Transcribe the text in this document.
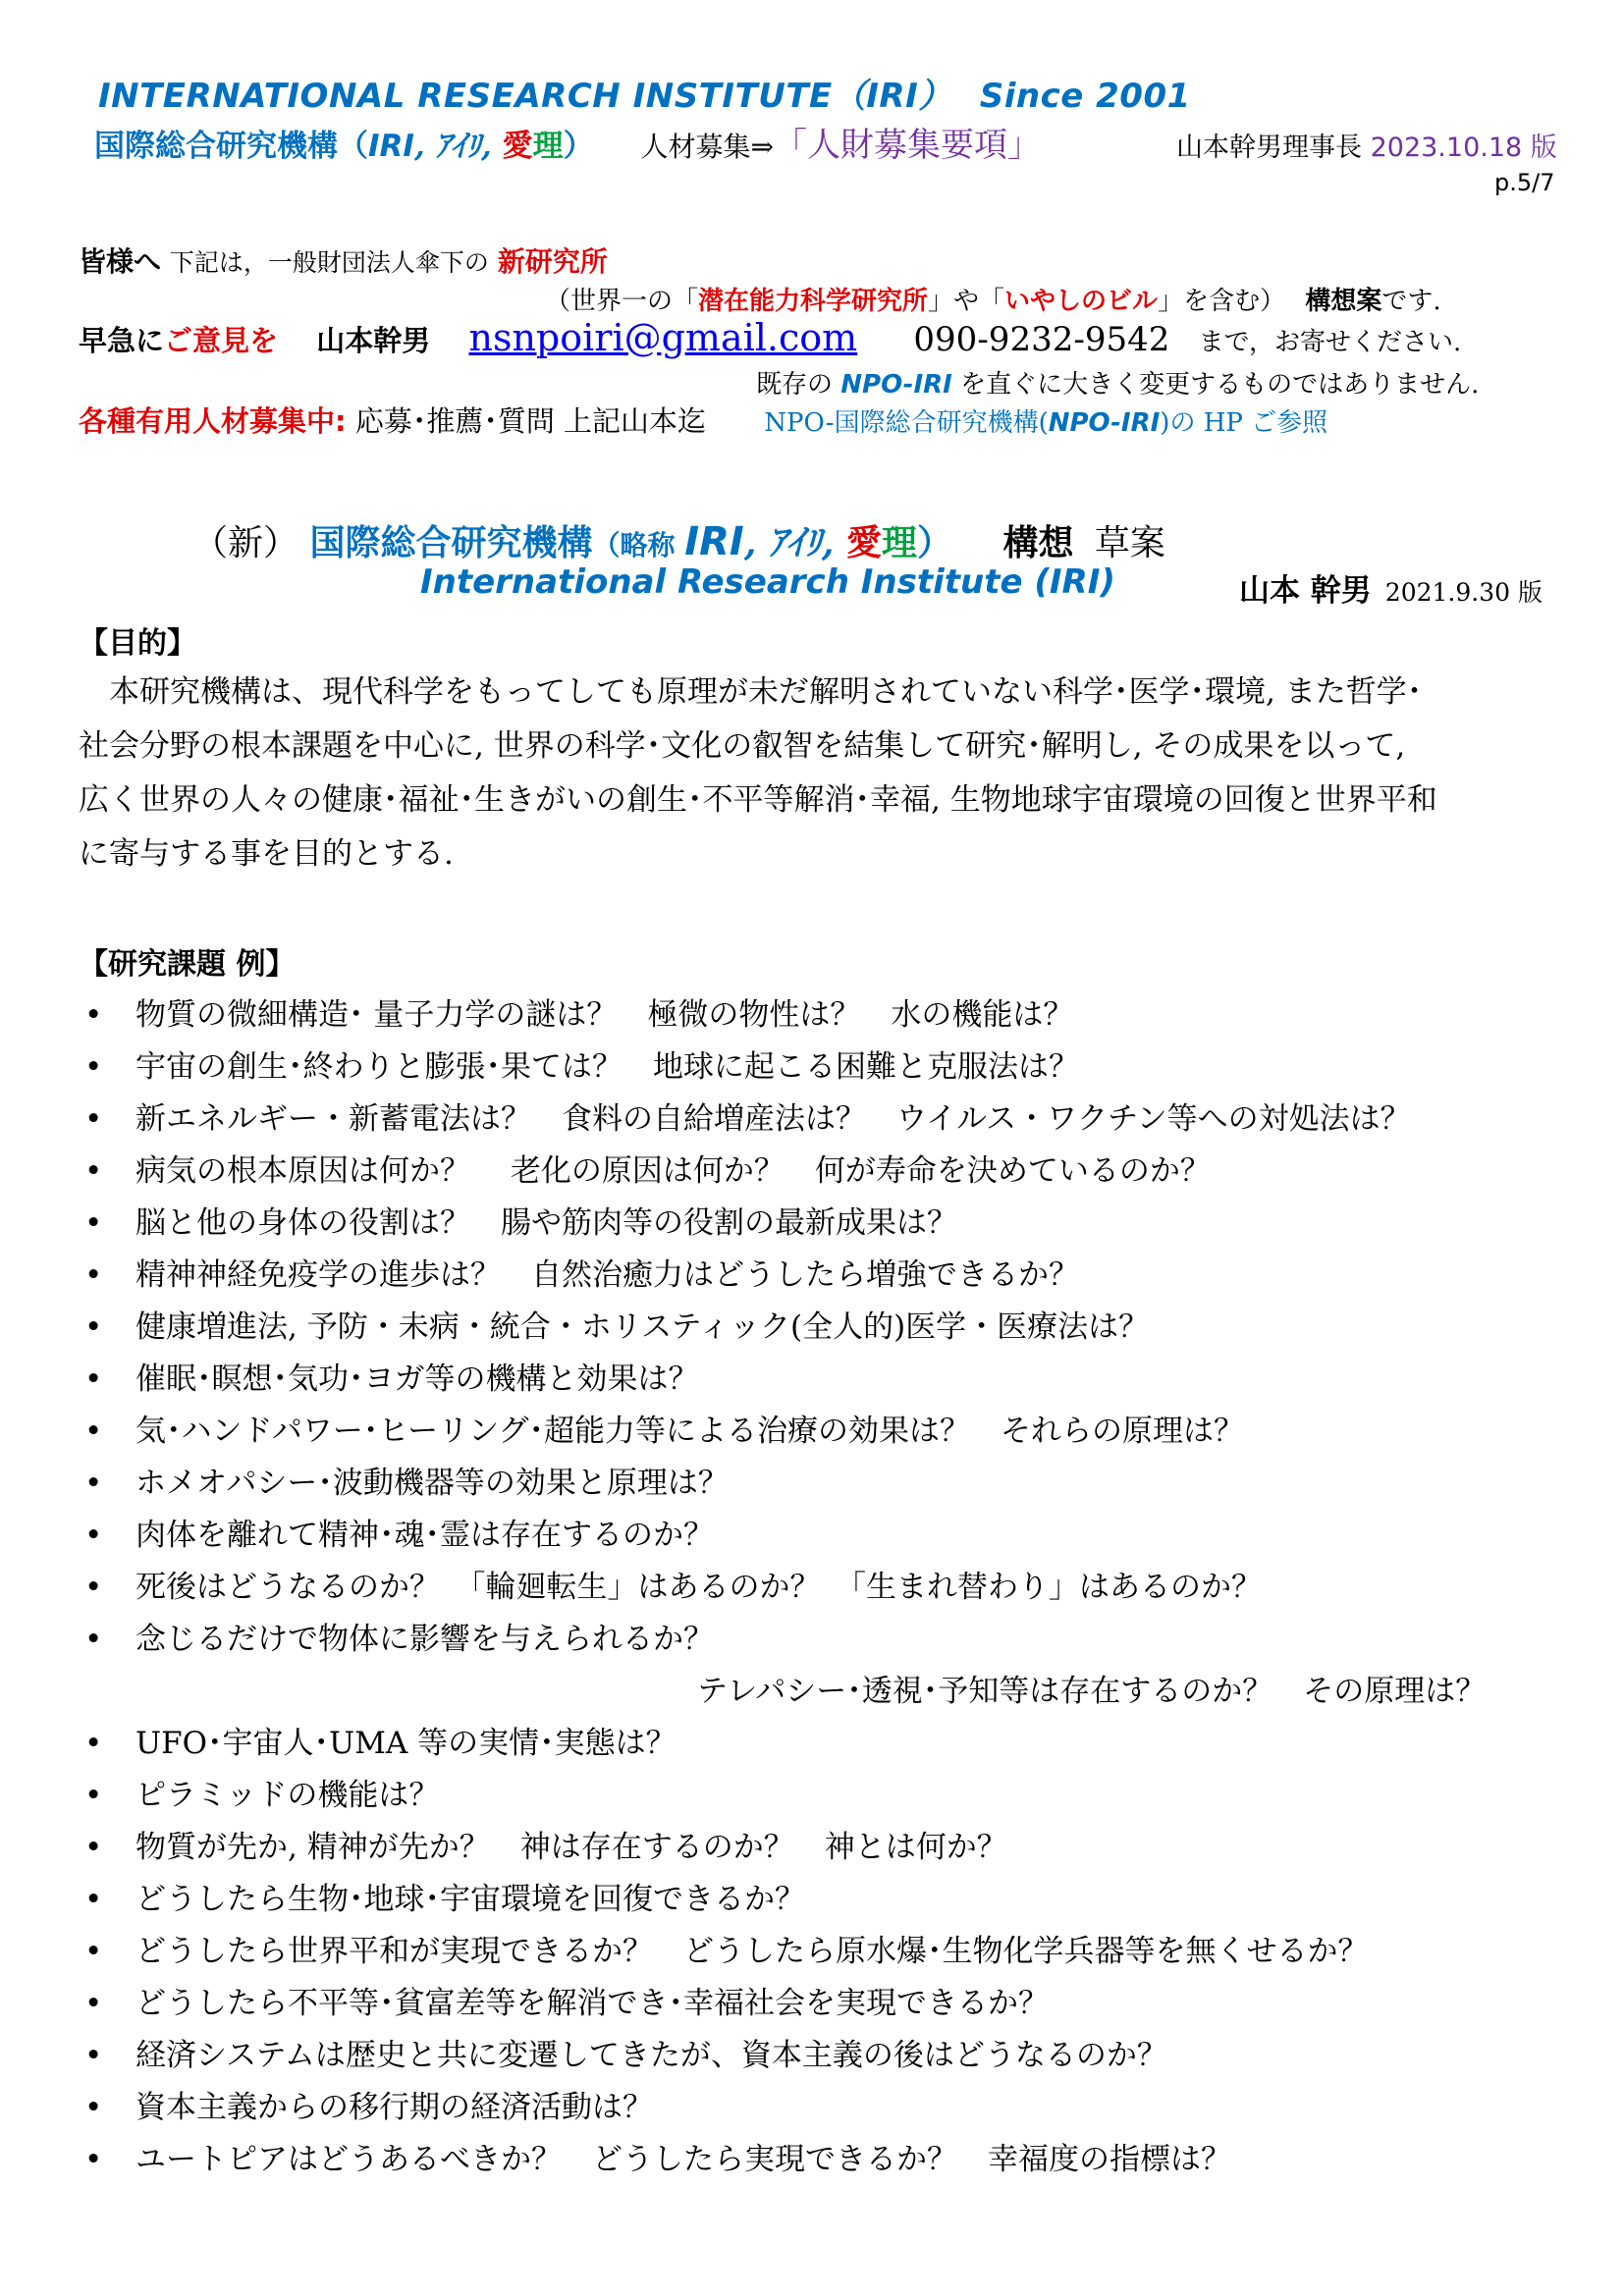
INTERNATIONAL RESEARCH INSTITUTE（IRI） Since 2001
国際総合研究機構（IRI, ｱｲﾘ, 愛理） 人材募集⇒「人財募集要項」	山本幹男理事長 2023.10.18 版
p.5/7
皆様へ 下記は，一般財団法人傘下の 新研究所
（世界一の「潜在能力科学研究所」や「いやしのビル」を含む） 構想案です.
早急にご意見を 山本幹男 nsnpoiri@gmail.com 090-9232-9542 まで，お寄せください.
既存の NPO-IRI を直ぐに大きく変更するものではありません.
各種有用人材募集中: 応募･推薦･質問 上記山本迄 NPO-国際総合研究機構(NPO-IRI)の HP ご参照
（新） 国際総合研究機構（略称 IRI, ｱｲﾘ, 愛理） 構想 草案
International Research Institute (IRI)	山本 幹男 2021.9.30 版
【目的】
　本研究機構は、現代科学をもってしても原理が未だ解明されていない科学･医学･環境, また哲学･
社会分野の根本課題を中心に, 世界の科学･文化の叡智を結集して研究･解明し, その成果を以って,
広く世界の人々の健康･福祉･生きがいの創生･不平等解消･幸福, 生物地球宇宙環境の回復と世界平和
に寄与する事を目的とする.
【研究課題 例】
• 物質の微細構造･ 量子力学の謎は？　極微の物性は？　水の機能は？
• 宇宙の創生･終わりと膨張･果ては？　地球に起こる困難と克服法は？
• 新エネルギー・新蓄電法は？　食料の自給増産法は？　ウイルス・ワクチン等への対処法は？
• 病気の根本原因は何か？　 老化の原因は何か？　何が寿命を決めているのか？
• 脳と他の身体の役割は？　腸や筋肉等の役割の最新成果は？
• 精神神経免疫学の進歩は？　自然治癒力はどうしたら増強できるか？
• 健康増進法, 予防・未病・統合・ホリスティック(全人的)医学・医療法は？
• 催眠･瞑想･気功･ヨガ等の機構と効果は？
• 気･ハンドパワー･ヒーリング･超能力等による治療の効果は？　それらの原理は？
• ホメオパシー･波動機器等の効果と原理は？
• 肉体を離れて精神･魂･霊は存在するのか？
• 死後はどうなるのか？　「輪廻転生」はあるのか？　「生まれ替わり」はあるのか？
• 念じるだけで物体に影響を与えられるか？
テレパシー･透視･予知等は存在するのか？　その原理は？
• UFO･宇宙人･UMA 等の実情･実態は？
• ピラミッドの機能は？
• 物質が先か, 精神が先か？　神は存在するのか？　神とは何か？
• どうしたら生物･地球･宇宙環境を回復できるか？
• どうしたら世界平和が実現できるか？　どうしたら原水爆･生物化学兵器等を無くせるか？
• どうしたら不平等･貧富差等を解消でき･幸福社会を実現できるか？
• 経済システムは歴史と共に変遷してきたが、資本主義の後はどうなるのか？
• 資本主義からの移行期の経済活動は？
• ユートピアはどうあるべきか？　どうしたら実現できるか？　幸福度の指標は？
